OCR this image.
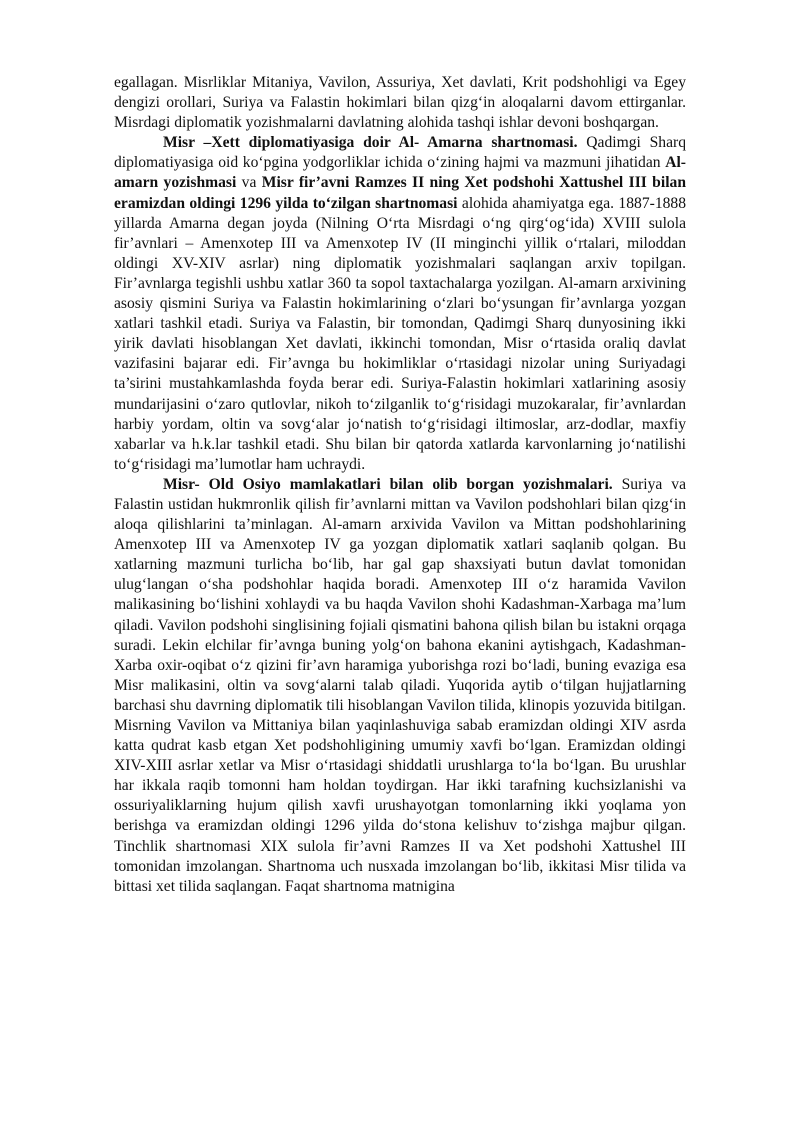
egallagan. Misrliklar Mitaniya, Vavilon, Assuriya, Xet davlati, Krit podshohligi va Egey dengizi orollari, Suriya va Falastin hokimlari bilan qizg‘in aloqalarni davom ettirganlar. Misrdagi diplomatik yozishmalarni davlatning alohida tashqi ishlar devoni boshqargan.

Misr –Xett diplomatiyasiga doir Al- Amarna shartnomasi. Qadimgi Sharq diplomatiyasiga oid ko‘pgina yodgorliklar ichida o‘zining hajmi va mazmuni jihatidan Al-amarn yozishmasi va Misr fir’avni Ramzes II ning Xet podshohi Xattushel III bilan eramizdan oldingi 1296 yilda to‘zilgan shartnomasi alohida ahamiyatga ega. 1887-1888 yillarda Amarna degan joyda (Nilning O‘rta Misrdagi o‘ng qirg‘og‘ida) XVIII sulola fir’avnlari – Amenxotep III va Amenxotep IV (II minginchi yillik o‘rtalari, miloddan oldingi XV-XIV asrlar) ning diplomatik yozishmalari saqlangan arxiv topilgan. Fir’avnlarga tegishli ushbu xatlar 360 ta sopol taxtachalarga yozilgan. Al-amarn arxivining asosiy qismini Suriya va Falastin hokimlarining o‘zlari bo‘ysungan fir’avnlarga yozgan xatlari tashkil etadi. Suriya va Falastin, bir tomondan, Qadimgi Sharq dunyosining ikki yirik davlati hisoblangan Xet davlati, ikkinchi tomondan, Misr o‘rtasida oraliq davlat vazifasini bajarar edi. Fir’avnga bu hokimliklar o‘rtasidagi nizolar uning Suriyadagi ta’sirini mustahkamlashda foyda berar edi. Suriya-Falastin hokimlari xatlarining asosiy mundarijasini o‘zaro qutlovlar, nikoh to‘zilganlik to‘g‘risidagi muzokaralar, fir’avnlardan harbiy yordam, oltin va sovg‘alar jo‘natish to‘g‘risidagi iltimoslar, arz-dodlar, maxfiy xabarlar va h.k.lar tashkil etadi. Shu bilan bir qatorda xatlarda karvonlarning jo‘natilishi to‘g‘risidagi ma’lumotlar ham uchraydi.

Misr- Old Osiyo mamlakatlari bilan olib borgan yozishmalari. Suriya va Falastin ustidan hukmronlik qilish fir’avnlarni mittan va Vavilon podshohlari bilan qizg‘in aloqa qilishlarini ta’minlagan. Al-amarn arxivida Vavilon va Mittan podshohlarining Amenxotep III va Amenxotep IV ga yozgan diplomatik xatlari saqlanib qolgan. Bu xatlarning mazmuni turlicha bo‘lib, har gal gap shaxsiyati butun davlat tomonidan ulug‘langan o‘sha podshohlar haqida boradi. Amenxotep III o‘z haramida Vavilon malikasining bo‘lishini xohlaydi va bu haqda Vavilon shohi Kadashman-Xarbaga ma’lum qiladi. Vavilon podshohi singlisining fojiali qismatini bahona qilish bilan bu istakni orqaga suradi. Lekin elchilar fir’avnga buning yolg‘on bahona ekanini aytishgach, Kadashman-Xarba oxir-oqibat o‘z qizini fir’avn haramiga yuborishga rozi bo‘ladi, buning evaziga esa Misr malikasini, oltin va sovg‘alarni talab qiladi. Yuqorida aytib o‘tilgan hujjatlarning barchasi shu davrning diplomatik tili hisoblangan Vavilon tilida, klinopis yozuvida bitilgan. Misrning Vavilon va Mittaniya bilan yaqinlashuviga sabab eramizdan oldingi XIV asrda katta qudrat kasb etgan Xet podshohligining umumiy xavfi bo‘lgan. Eramizdan oldingi XIV-XIII asrlar xetlar va Misr o‘rtasidagi shiddatli urushlarga to‘la bo‘lgan. Bu urushlar har ikkala raqib tomonni ham holdan toydirgan. Har ikki tarafning kuchsizlanishi va ossuriyaliklarning hujum qilish xavfi urushayotgan tomonlarning ikki yoqlama yon berishga va eramizdan oldingi 1296 yilda do‘stona kelishuv to‘zishga majbur qilgan. Tinchlik shartnomasi XIX sulola fir’avni Ramzes II va Xet podshohi Xattushel III tomonidan imzolangan. Shartnoma uch nusxada imzolangan bo‘lib, ikkitasi Misr tilida va bittasi xet tilida saqlangan. Faqat shartnoma matnigina
